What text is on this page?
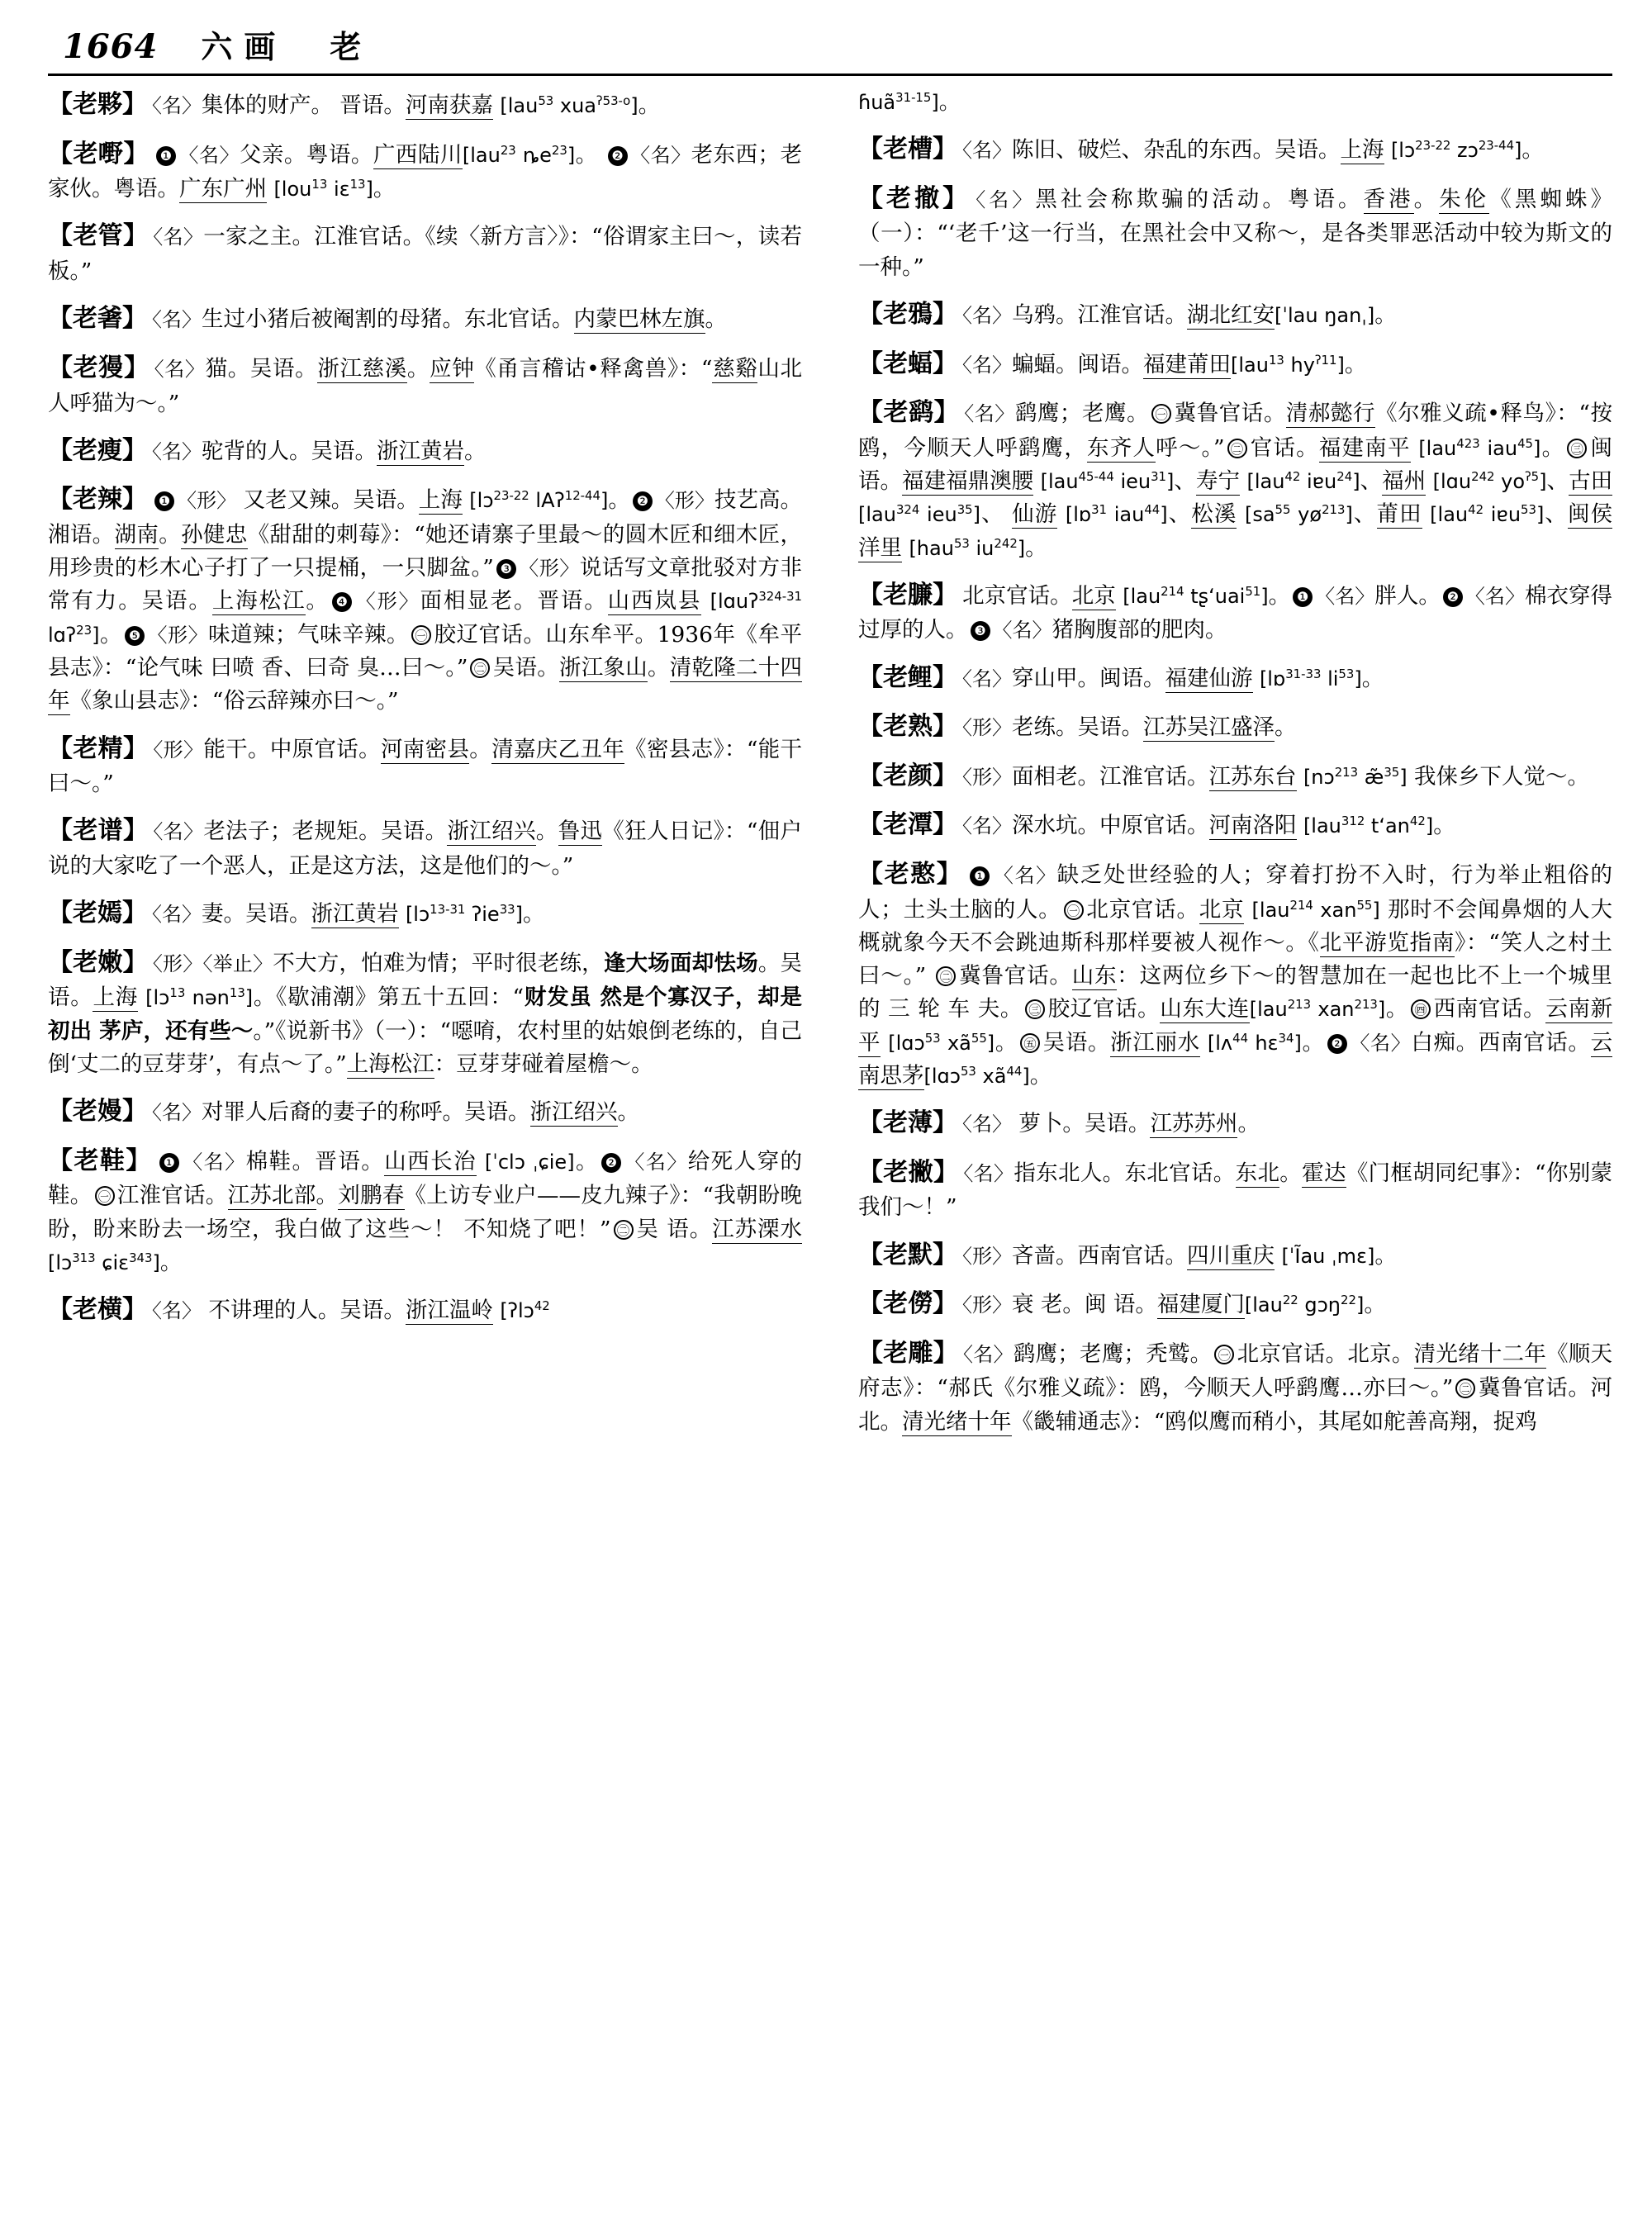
1664 六画　老
【老夥】 〈名〉集体的财产。 晋语。河南获嘉 [lau$^{53}$ xua$^{ʔ53-o}$]。
【老嘢】 ❶ 〈名〉父亲。粤语。广西陆川[lau$^{23}$ $ȵe^{23}$]。 ❷ 〈名〉老东西；老家伙。粤语。广东广州 [lou$^{13}$ iɛ$^{13}$]。
【老管】 〈名〉一家之主。江淮官话。《续〈新方言〉》：“俗谓家主曰～，读若板。”
【老㸙】 〈名〉生过小猪后被阉割的母猪。东北官话。内蒙巴林左旗。
【老獌】 〈名〉猫。吴语。浙江慈溪。应钟《甬言稽诂•释禽兽》：“慈谿山北人呼猫为～。”
【老瘦】 〈名〉驼背的人。吴语。浙江黄岩。
【老辣】 ❶ 〈形〉 又老又辣。吴语。上海 [lɔ$^{23-22}$ lAʔ$^{12-44}$]。 ❷ 〈形〉技艺高。湘语。湖南。孙健忠《甜甜的刺莓》：“她还请寨子里最～的圆木匠和细木匠，用珍贵的杉木心子打了一只提桶，一只脚盆。” ❸ 〈形〉说话写文章批驳对方非常有力。吴语。上海松江。 ❹ 〈形〉面相显老。晋语。山西岚县 [lɑuʔ$^{324-31}$ lɑʔ$^{23}$]。 ❺ 〈形〉味道辣；气味辛辣。 ㊀ 胶辽官话。山东牟平。1936年《牟平县志》：“论气味 曰喷 香、曰奇 臭…曰～。” ㊁ 吴语。浙江象山。清乾隆二十四年《象山县志》：“俗云辞辣亦曰～。”
【老精】 〈形〉能干。中原官话。河南密县。清嘉庆乙丑年《密县志》：“能干曰～。”
【老谱】 〈名〉老法子；老规矩。吴语。浙江绍兴。鲁迅《狂人日记》：“佃户说的大家吃了一个恶人，正是这方法，这是他们的～。”
【老嫣】 〈名〉妻。吴语。浙江黄岩 [lɔ$^{13-31}$ ʔie$^{33}$]。
【老嫩】 〈形〉〈举止〉不大方，怕难为情；平时很老练，逢大场面却怯场。吴语。上海 [lɔ$^{13}$ nən$^{13}$]。《歇浦潮》第五十五回：“财发虽 然是个寡汉子，却是初出 茅庐，还有些～。”《说新书》（一）：“噁唷，农村里的姑娘倒老练的，自己倒‘丈二的豆芽芽’，有点～了。”上海松江：豆芽芽碰着屋檐～。
【老嫚】 〈名〉对罪人后裔的妻子的称呼。吴语。浙江绍兴。
【老鞋】 ❶ 〈名〉棉鞋。晋语。山西长治 [ˈclɔ ˌɕie]。 ❷ 〈名〉给死人穿的鞋。 ㊀ 江淮官话。江苏北部。刘鹏春《上访专业户——皮九辣子》：“我朝盼晚盼，盼来盼去一场空，我白做了这些～！ 不知烧了吧！” ㊁ 吴 语。江苏溧水 [lɔ$^{313}$ ɕiɛ$^{343}$]。
【老横】 〈名〉 不讲理的人。吴语。浙江温岭 [ʔlɔ$^{42}$
ɦuã$^{31-15}$]。
【老槽】 〈名〉陈旧、破烂、杂乱的东西。吴语。上海 [lɔ$^{23-22}$ zɔ$^{23-44}$]。
【老撤】 〈名〉黑社会称欺骗的活动。粤语。香港。朱伦《黑蜘蛛》（一）：“‘老千’这一行当，在黑社会中又称～，是各类罪恶活动中较为斯文的一种。”
【老鴉】 〈名〉乌鸦。江淮官话。湖北红安[ˈlau ŋanˌ]。
【老蝠】 〈名〉蝙蝠。闽语。福建莆田[lau$^{13}$ $hy^{ʔ11}$]。
【老鹞】 〈名〉鹞鹰；老鹰。 ㊀ 冀鲁官话。清郝懿行《尔雅义疏•释鸟》：“按鸥，今顺天人呼鹞鹰，东齐人呼～。” ㊁ 官话。福建南平 [lau$^{423}$ iau$^{45}$]。 ㊂ 闽语。福建福鼎澳腰 [lau$^{45-44}$ ieu$^{31}$]、寿宁 [lau$^{42}$ iɐu$^{24}$]、福州 [lɑu$^{242}$ $yo^{ʔ5}$]、古田 [lau$^{324}$ ieu$^{35}$]、 仙游 [lɒ$^{31}$ iau$^{44}$]、松溪 [$sa^{55}$ $yø^{213}$]、莆田 [lau$^{42}$ iɐu$^{53}$]、闽侯洋里 [hau$^{53}$ $iu^{242}$]。
【老臁】 北京官话。北京 [lau$^{214}$ tʂʻuai$^{51}$]。 ❶ 〈名〉胖人。 ❷ 〈名〉棉衣穿得过厚的人。 ❸ 〈名〉猪胸腹部的肥肉。
【老鲤】 〈名〉穿山甲。闽语。福建仙游 [lɒ$^{31-33}$ $li^{53}$]。
【老熟】 〈形〉老练。吴语。江苏吴江盛泽。
【老颜】 〈形〉面相老。江淮官话。江苏东台 [nɔ$^{213}$ æ̃$^{35}$] 我俫乡下人觉～。
【老潭】 〈名〉深水坑。中原官话。河南洛阳 [lau$^{312}$ tʻan$^{42}$]。
【老憨】 ❶ 〈名〉缺乏处世经验的人；穿着打扮不入时，行为举止粗俗的人；土头土脑的人。 ㊀ 北京官话。北京 [lau$^{214}$ xan$^{55}$] 那时不会闻鼻烟的人大概就象今天不会跳迪斯科那样要被人视作～。《北平游览指南》：“笑人之村土曰～。” ㊁ 冀鲁官话。山东：这两位乡下～的智慧加在一起也比不上一个城里的 三 轮 车 夫。 ㊂ 胶辽官话。山东大连[lau$^{213}$ xan$^{213}$]。 ㊃ 西南官话。云南新平 [lɑɔ$^{53}$ $xã^{55}$]。 ㊄ 吴语。浙江丽水 [lʌ$^{44}$ hɛ$^{34}$]。 ❷ 〈名〉白痴。西南官话。云南思茅[lɑɔ$^{53}$ $xã^{44}$]。
【老薄】 〈名〉 萝卜。吴语。江苏苏州。
【老撇】 〈名〉指东北人。东北官话。东北。霍达《门框胡同纪事》：“你别蒙我们～！”
【老默】 〈形〉吝啬。西南官话。四川重庆 [ˈĨau ˌmɛ]。
【老僗】 〈形〉衰 老。闽 语。福建厦门[lau$^{22}$ gɔŋ$^{22}$]。
【老雕】 〈名〉鹞鹰；老鹰；秃鹫。 ㊀ 北京官话。北京。清光绪十二年《顺天府志》：“郝氏《尔雅义疏》：鸥，今顺天人呼鹞鹰…亦曰～。” ㊁ 冀鲁官话。河北。清光绪十年《畿辅通志》：“鸥似鹰而稍小，其尾如舵善高翔，捉鸡
